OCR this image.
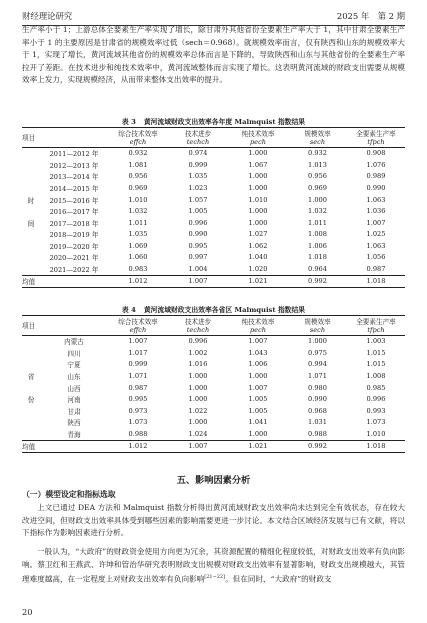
财经理论研究	2025 年　第 2 期

生产率小于 1；上游总体全要素生产率实现了增长，除甘肃外其他省份全要素生产率大于 1，其中甘肃全要素生产率小于 1 的主要原因是甘肃省的规模效率过低（sech＝0.968）。就规模效率而言，仅有陕西和山东的规模效率大于 1，实现了增长，黄河流域其他省份的规模效率总体而言是下降的，导致陕西和山东与其他省份的全要素生产率拉开了差距。在技术进步和纯技术效率中，黄河流域整体而言实现了增长。这表明黄河流域的财政支出需要从规模效率上发力，实现规模经济，从而带来整体支出效率的提升。

表 3 黄河流域财政支出效率各年度 Malmquist 指数结果
项目		综合技术效率	技术进步	纯技术效率	规模效率	全要素生产率
		effch	techch	pech	sech	tfpch
	2011—2012 年	0.932	0.974	1.000	0.932	0.908
	2012—2013 年	1.081	0.999	1.067	1.013	1.076
	2013—2014 年	0.956	1.035	1.000	0.956	0.989
	2014—2015 年	0.969	1.023	1.000	0.969	0.990
时	2015—2016 年	1.010	1.057	1.010	1.000	1.063
	2016—2017 年	1.032	1.005	1.000	1.032	1.036
间	2017—2018 年	1.011	0.996	1.000	1.011	1.007
	2018—2019 年	1.035	0.990	1.027	1.008	1.025
	2019—2020 年	1.069	0.995	1.062	1.006	1.063
	2020—2021 年	1.060	0.997	1.040	1.018	1.056
	2021—2022 年	0.983	1.004	1.020	0.964	0.987
均值		1.012	1.007	1.021	0.992	1.018
表 4 黄河流域财政支出效率各省区 Malmquist 指数结果
项目		综合技术效率	技术进步	纯技术效率	规模效率	全要素生产率
		effch	techch	pech	sech	tfpch
	内蒙古	1.007	0.996	1.007	1.000	1.003
	四川	1.017	1.002	1.043	0.975	1.015
	宁夏	0.999	1.016	1.006	0.994	1.015
省	山东	1.071	1.000	1.000	1.071	1.008
	山西	0.987	1.000	1.007	0.980	0.985
份	河南	0.995	1.000	1.005	0.990	0.996
	甘肃	0.973	1.022	1.005	0.968	0.993
	陕西	1.073	1.000	1.041	1.031	1.073
	青海	0.988	1.024	1.000	0.988	1.010
均值		1.012	1.007	1.021	0.992	1.018
五、影响因素分析
（一）模型设定和指标选取

上文已通过 DEA 方法和 Malmquist 指数分析得出黄河流域财政支出效率尚未达到完全有效状态，存在较大改进空间，但财政支出效率具体受到哪些因素的影响需要更进一步讨论。本文结合区域经济发展与已有文献，将以下指标作为影响因素进行分析。

一般认为，“大政府”的财政资金使用方向更为冗余，其资源配置的精细化程度较低，对财政支出效率有负向影响。蔡卫红和王燕武、许坤和管治华研究表明财政支出规模对财政支出效率有显著影响，财政支出规模越大，其管理难度越高，在一定程度上对财政支出效率有负向影响[21−22]。但在同时，“大政府”的财政支

20
